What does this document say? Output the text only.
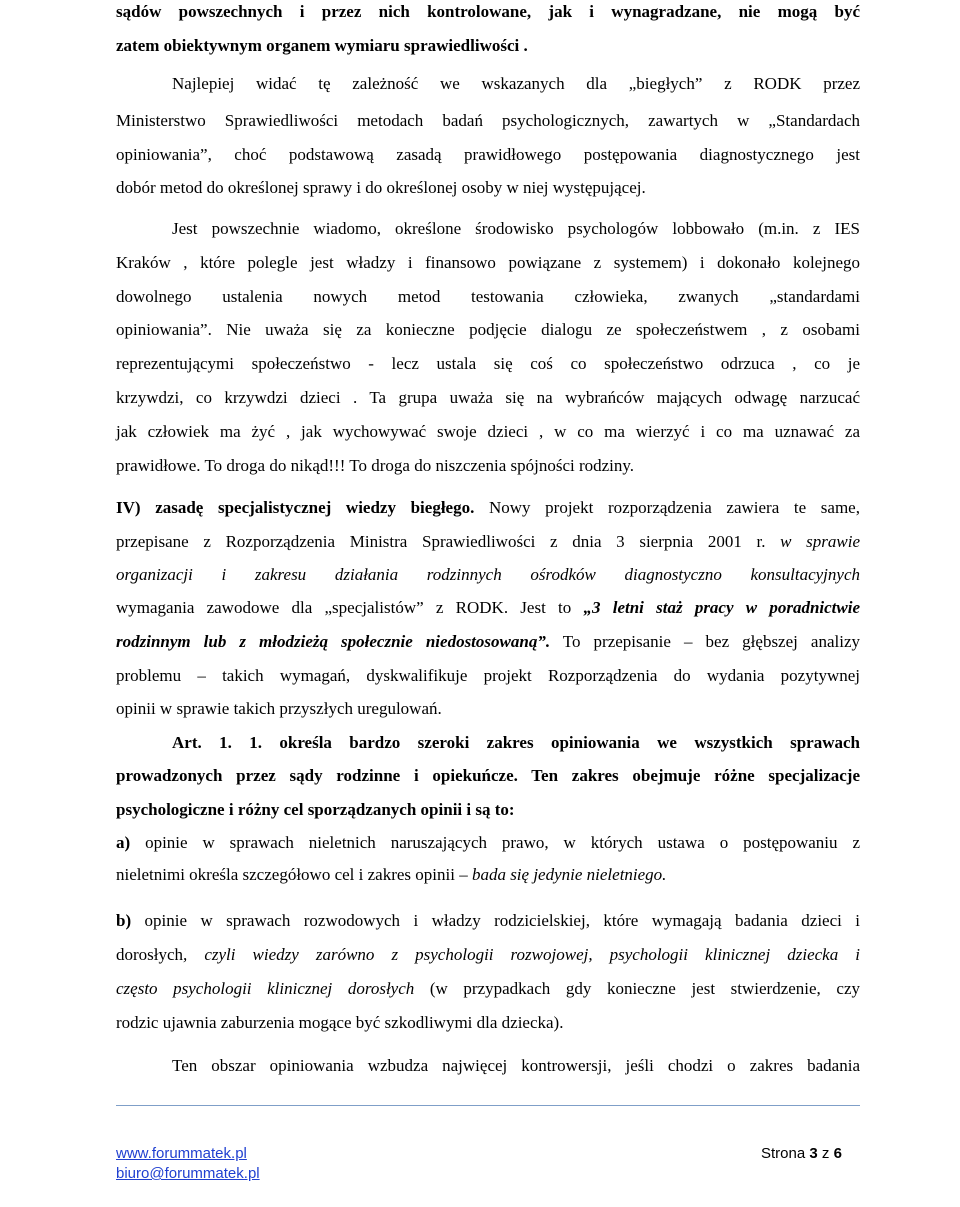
sądów powszechnych i przez nich kontrolowane, jak i wynagradzane, nie mogą być

zatem obiektywnym organem wymiaru sprawiedliwości .

Najlepiej widać tę zależność we wskazanych dla „biegłych” z RODK przez

Ministerstwo Sprawiedliwości metodach badań psychologicznych, zawartych w „Standardach

opiniowania”, choć podstawową zasadą prawidłowego postępowania diagnostycznego jest

dobór metod do określonej sprawy i do określonej osoby w niej występującej.

Jest powszechnie wiadomo, określone środowisko psychologów lobbowało (m.in. z IES

Kraków , które polegle jest władzy i finansowo powiązane z systemem) i dokonało kolejnego

dowolnego ustalenia nowych metod testowania człowieka, zwanych „standardami

opiniowania”. Nie uważa się za konieczne podjęcie dialogu ze społeczeństwem , z osobami

reprezentującymi społeczeństwo - lecz ustala się coś co społeczeństwo odrzuca , co je

krzywdzi, co krzywdzi dzieci . Ta grupa uważa się na wybrańców mających odwagę narzucać

jak człowiek ma żyć , jak wychowywać swoje dzieci , w co ma wierzyć i co ma uznawać za

prawidłowe. To droga do nikąd!!! To droga do niszczenia spójności rodziny.

IV) zasadę specjalistycznej wiedzy biegłego. Nowy projekt rozporządzenia zawiera te same,

przepisane z Rozporządzenia Ministra Sprawiedliwości z dnia 3 sierpnia 2001 r. w sprawie

organizacji i zakresu działania rodzinnych ośrodków diagnostyczno konsultacyjnych

wymagania zawodowe dla „specjalistów” z RODK. Jest to „3 letni staż pracy w poradnictwie

rodzinnym lub z młodzieżą społecznie niedostosowaną”. To przepisanie – bez głębszej analizy

problemu – takich wymagań, dyskwalifikuje projekt Rozporządzenia do wydania pozytywnej

opinii w sprawie takich przyszłych uregulowań.

Art. 1. 1. określa bardzo szeroki zakres opiniowania we wszystkich sprawach

prowadzonych przez sądy rodzinne i opiekuńcze. Ten zakres obejmuje różne specjalizacje

psychologiczne i różny cel sporządzanych opinii i są to:

a) opinie w sprawach nieletnich naruszających prawo, w których ustawa o postępowaniu z

nieletnimi określa szczegółowo cel i zakres opinii – bada się jedynie nieletniego.

b) opinie w sprawach rozwodowych i władzy rodzicielskiej, które wymagają badania dzieci i

dorosłych, czyli wiedzy zarówno z psychologii rozwojowej, psychologii klinicznej dziecka i

często psychologii klinicznej dorosłych (w przypadkach gdy konieczne jest stwierdzenie, czy

rodzic ujawnia zaburzenia mogące być szkodliwymi dla dziecka).

Ten obszar opiniowania wzbudza najwięcej kontrowersji, jeśli chodzi o zakres badania

www.forummatek.pl

biuro@forummatek.pl

Strona 3 z 6
